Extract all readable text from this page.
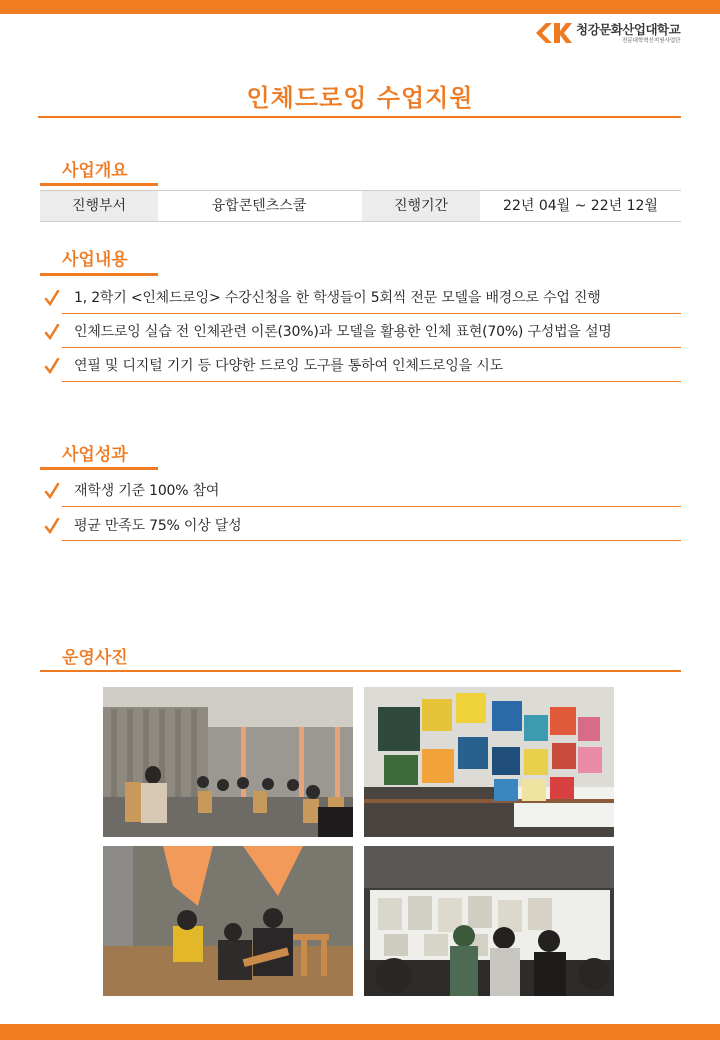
청강문화산업대학교
전문대학혁신지원사업단
인체드로잉 수업지원
사업개요
진행부서	융합콘텐츠스쿨	진행기간	22년 04월 ~ 22년 12월
사업내용
1, 2학기 <인체드로잉> 수강신청을 한 학생들이 5회씩 전문 모델을 배경으로 수업 진행
인체드로잉 실습 전 인체관련 이론(30%)과 모델을 활용한 인체 표현(70%) 구성법을 설명
연필 및 디지털 기기 등 다양한 드로잉 도구를 통하여 인체드로잉을 시도
사업성과
재학생 기준 100% 참여
평균 만족도 75% 이상 달성
운영사진
